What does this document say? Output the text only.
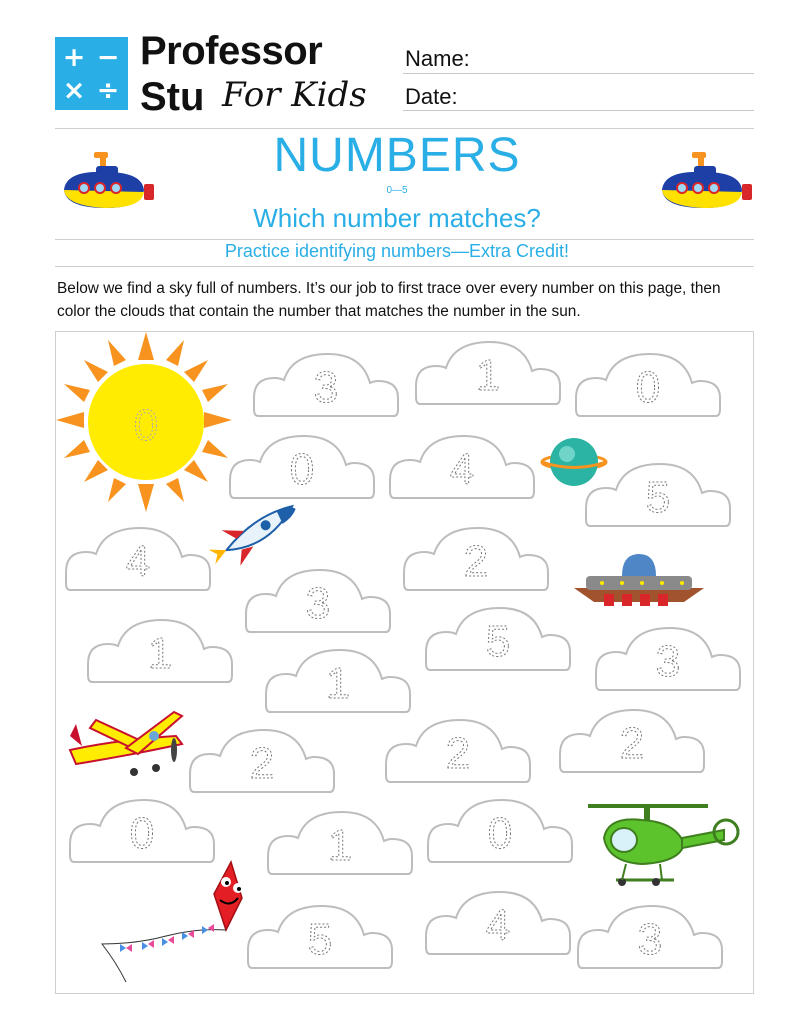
+ −
× ÷
Professor
Stu For Kids
Name:
Date:
NUMBERS
0—5
Which number matches?
Practice identifying numbers—Extra Credit!
Below we find a sky full of numbers. It’s our job to first trace over every number on this page, then color the clouds that contain the number that matches the number in the sun.
0
3	1	0
0	4
5
4	2
3
1	5	3
1
2	2	2
0	1	0
5	4	3
